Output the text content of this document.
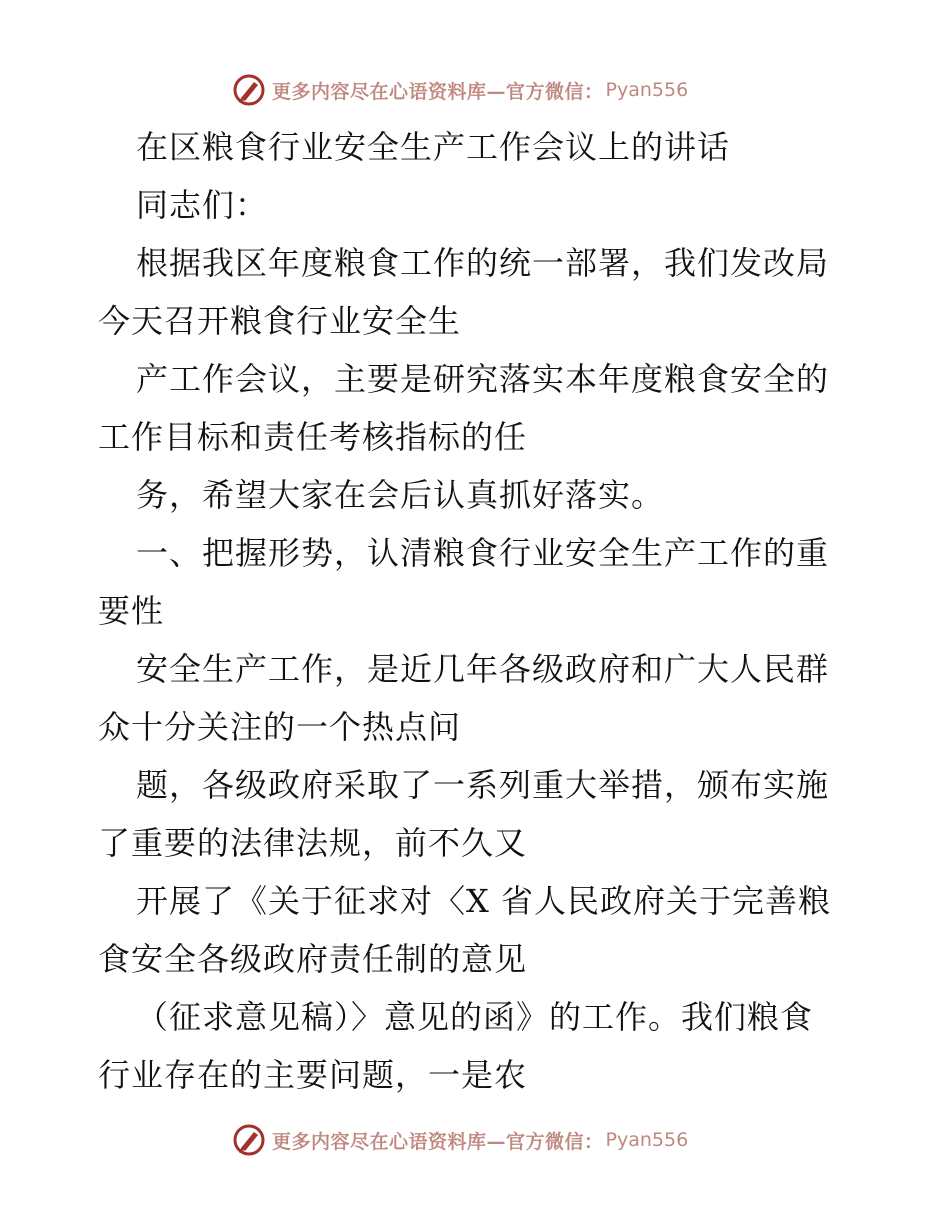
更多内容尽在心语资料库—官方微信： Pyan556
在区粮食行业安全生产工作会议上的讲话
同志们：
根据我区年度粮食工作的统一部署，我们发改局
今天召开粮食行业安全生
产工作会议，主要是研究落实本年度粮食安全的
工作目标和责任考核指标的任
务，希望大家在会后认真抓好落实。
一、把握形势，认清粮食行业安全生产工作的重
要性
安全生产工作，是近几年各级政府和广大人民群
众十分关注的一个热点问
题，各级政府采取了一系列重大举措，颁布实施
了重要的法律法规，前不久又
开展了《关于征求对〈X 省人民政府关于完善粮
食安全各级政府责任制的意见
（征求意见稿）〉意见的函》的工作。我们粮食
行业存在的主要问题，一是农
更多内容尽在心语资料库—官方微信： Pyan556
